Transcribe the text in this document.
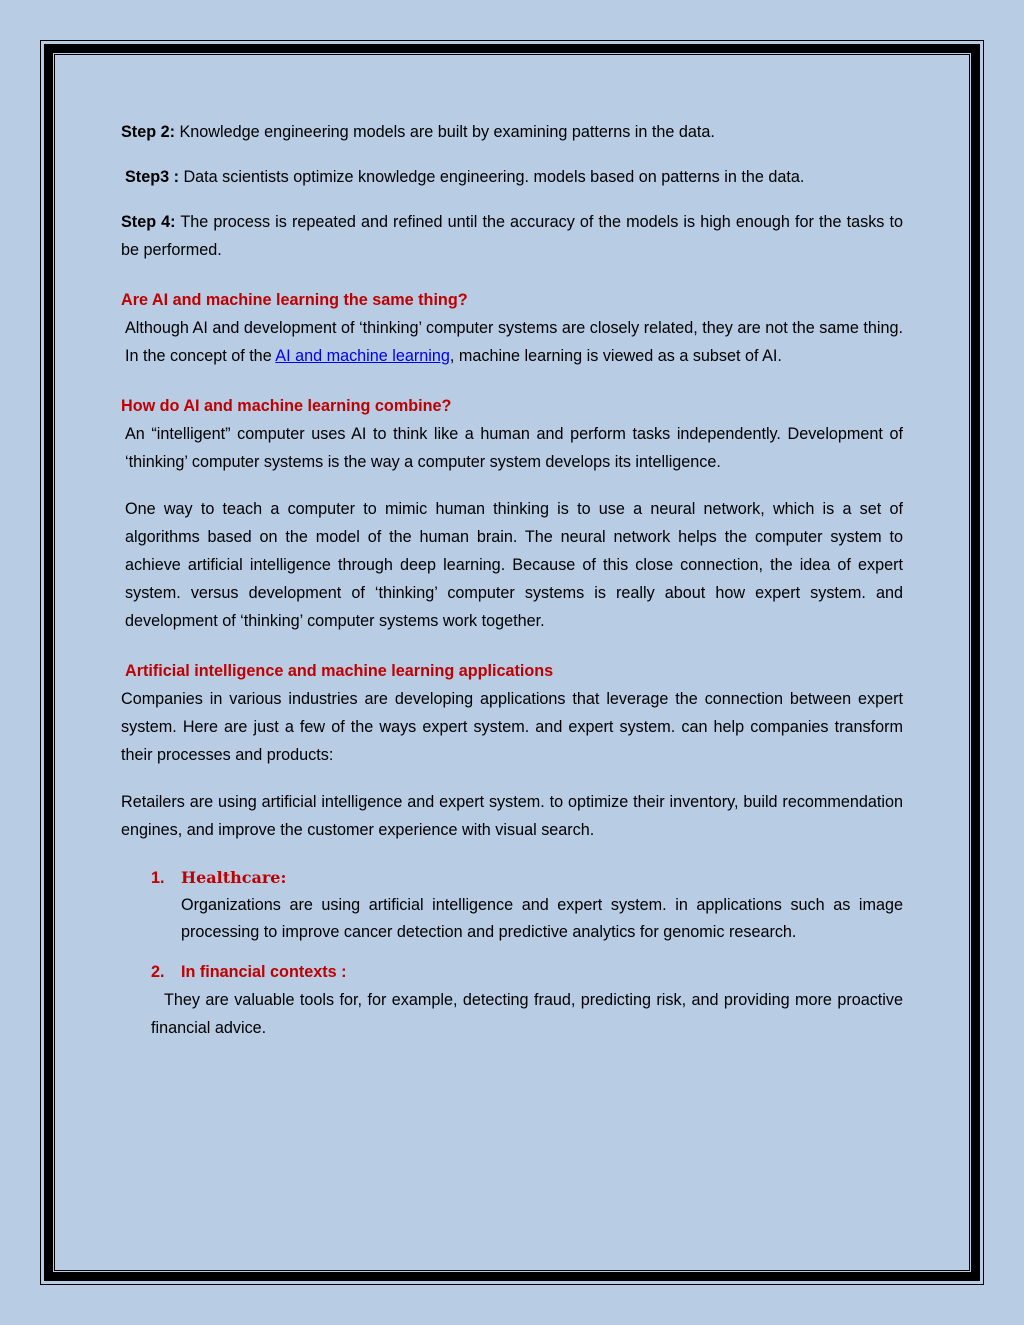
Step 2: Knowledge engineering models are built by examining patterns in the data.

Step3 : Data scientists optimize knowledge engineering. models based on patterns in the data.

Step 4: The process is repeated and refined until the accuracy of the models is high enough for the tasks to be performed.

Are AI and machine learning the same thing?

Although AI and development of ‘thinking’ computer systems are closely related, they are not the same thing. In the concept of the AI and machine learning, machine learning is viewed as a subset of AI.

How do AI and machine learning combine?

An “intelligent” computer uses AI to think like a human and perform tasks independently. Development of ‘thinking’ computer systems is the way a computer system develops its intelligence.

One way to teach a computer to mimic human thinking is to use a neural network, which is a set of algorithms based on the model of the human brain. The neural network helps the computer system to achieve artificial intelligence through deep learning. Because of this close connection, the idea of expert system. versus development of ‘thinking’ computer systems is really about how expert system. and development of ‘thinking’ computer systems work together.

Artificial intelligence and machine learning applications

Companies in various industries are developing applications that leverage the connection between expert system. Here are just a few of the ways expert system. and expert system. can help companies transform their processes and products:

Retailers are using artificial intelligence and expert system. to optimize their inventory, build recommendation engines, and improve the customer experience with visual search.

1.	Healthcare:

Organizations are using artificial intelligence and expert system. in applications such as image processing to improve cancer detection and predictive analytics for genomic research.

2.	In financial contexts :

They are valuable tools for, for example, detecting fraud, predicting risk, and providing more proactive financial advice.
